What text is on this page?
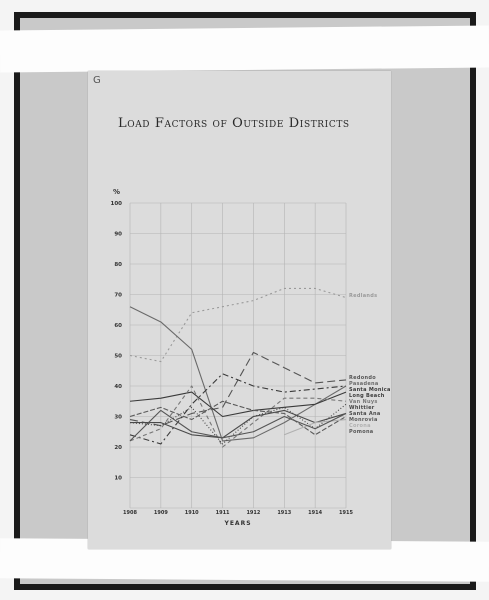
G
Load Factors of Outside Districts
%
10
20
30
40
50
60
70
80
90
100
1908	1909	1910	1911	1912	1913	1914	1915
Redlands
Redondo
Pasadena
Santa Monica
Long Beach
Van Nuys
Whittier
Santa Ana
Monrovia
Corona
Pomona
YEARS
